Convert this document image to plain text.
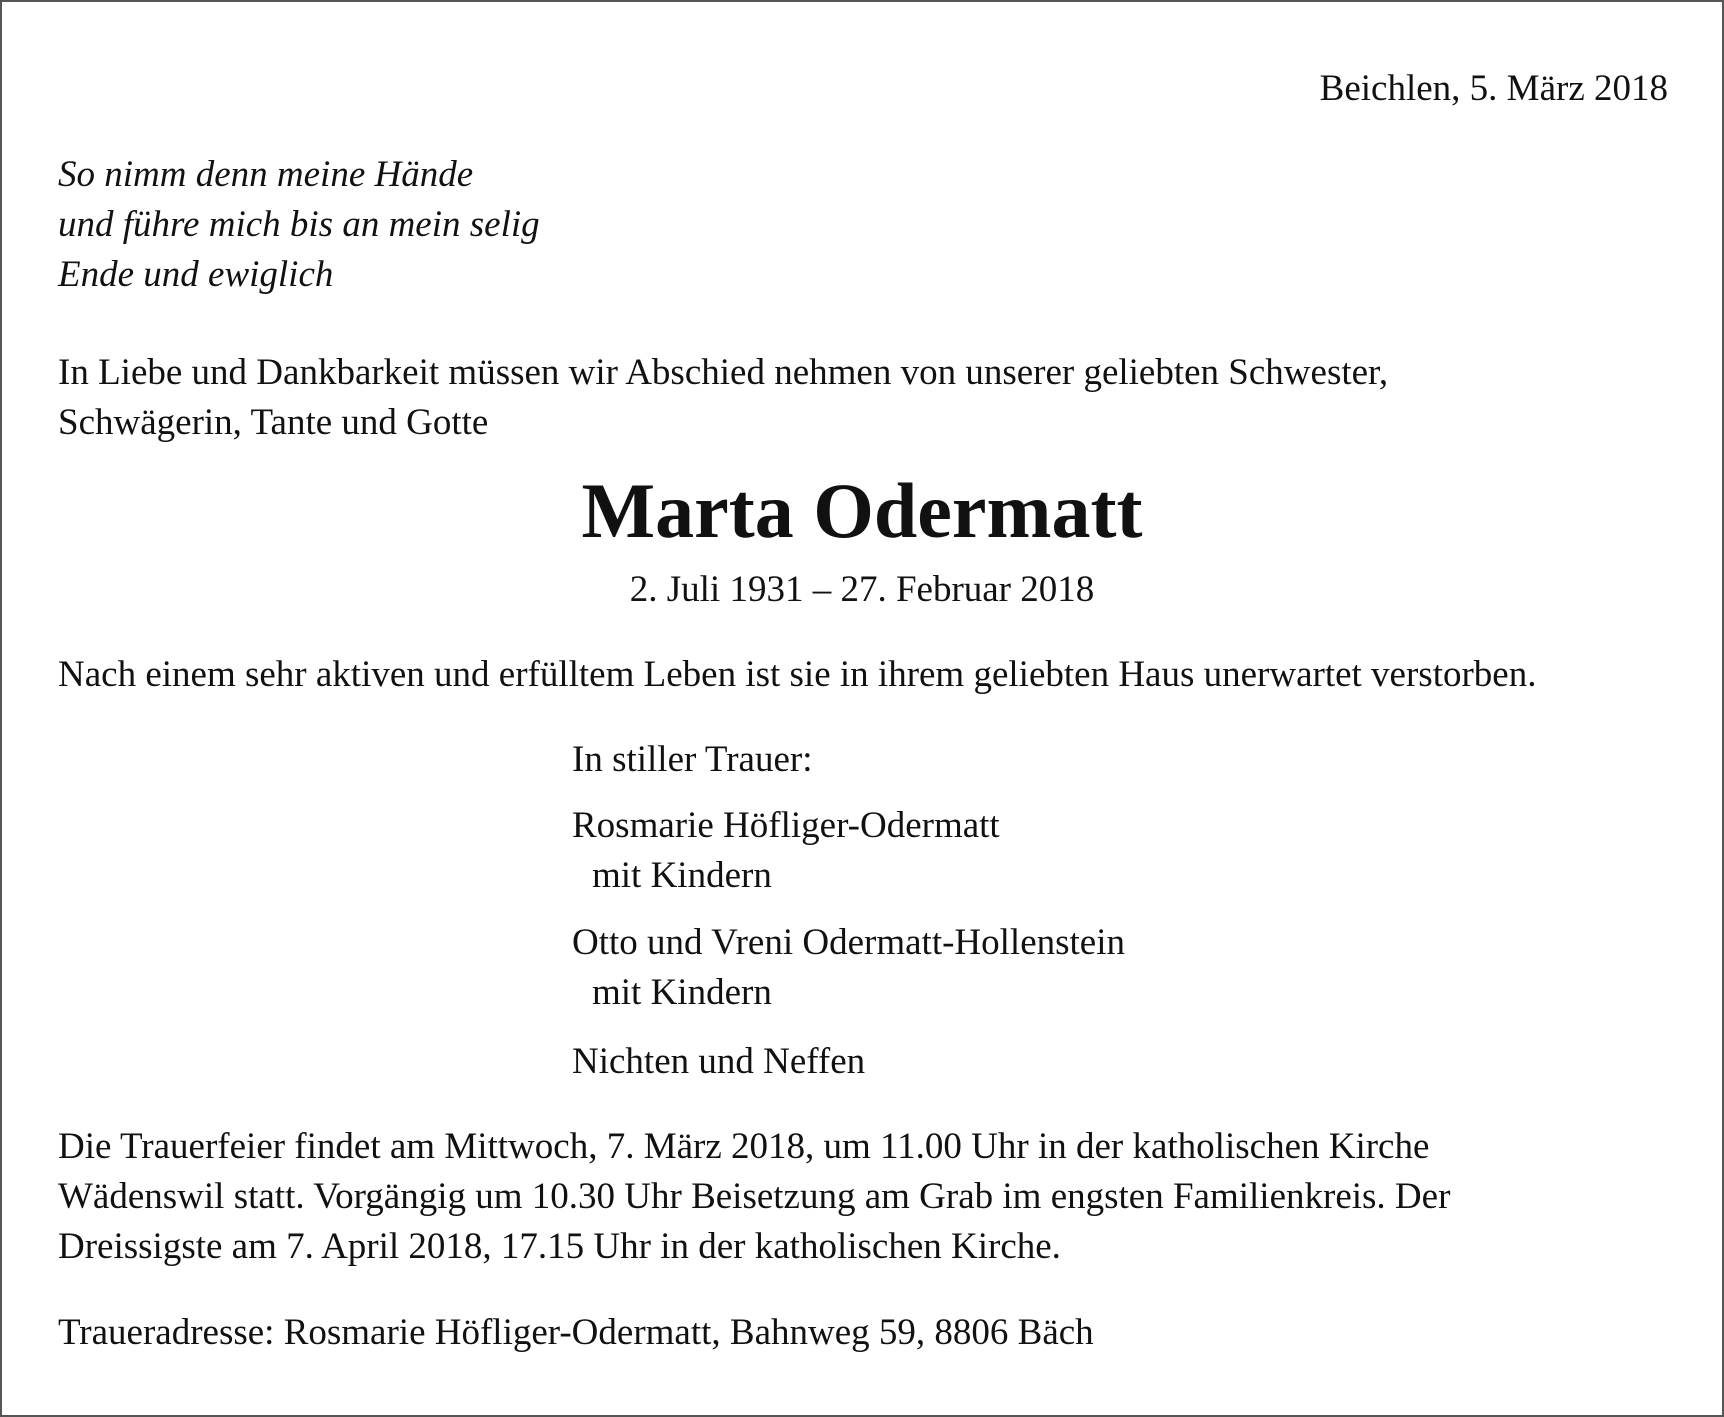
Beichlen, 5. März 2018

So nimm denn meine Hände

und führe mich bis an mein selig

Ende und ewiglich

In Liebe und Dankbarkeit müssen wir Abschied nehmen von unserer geliebten Schwester,

Schwägerin, Tante und Gotte

Marta Odermatt

2. Juli 1931 – 27. Februar 2018

Nach einem sehr aktiven und erfülltem Leben ist sie in ihrem geliebten Haus unerwartet verstorben.

In stiller Trauer:

Rosmarie Höfliger-Odermatt

mit Kindern

Otto und Vreni Odermatt-Hollenstein

mit Kindern

Nichten und Neffen

Die Trauerfeier findet am Mittwoch, 7. März 2018, um 11.00 Uhr in der katholischen Kirche

Wädenswil statt. Vorgängig um 10.30 Uhr Beisetzung am Grab im engsten Familienkreis. Der

Dreissigste am 7. April 2018, 17.15 Uhr in der katholischen Kirche.

Traueradresse: Rosmarie Höfliger-Odermatt, Bahnweg 59, 8806 Bäch
